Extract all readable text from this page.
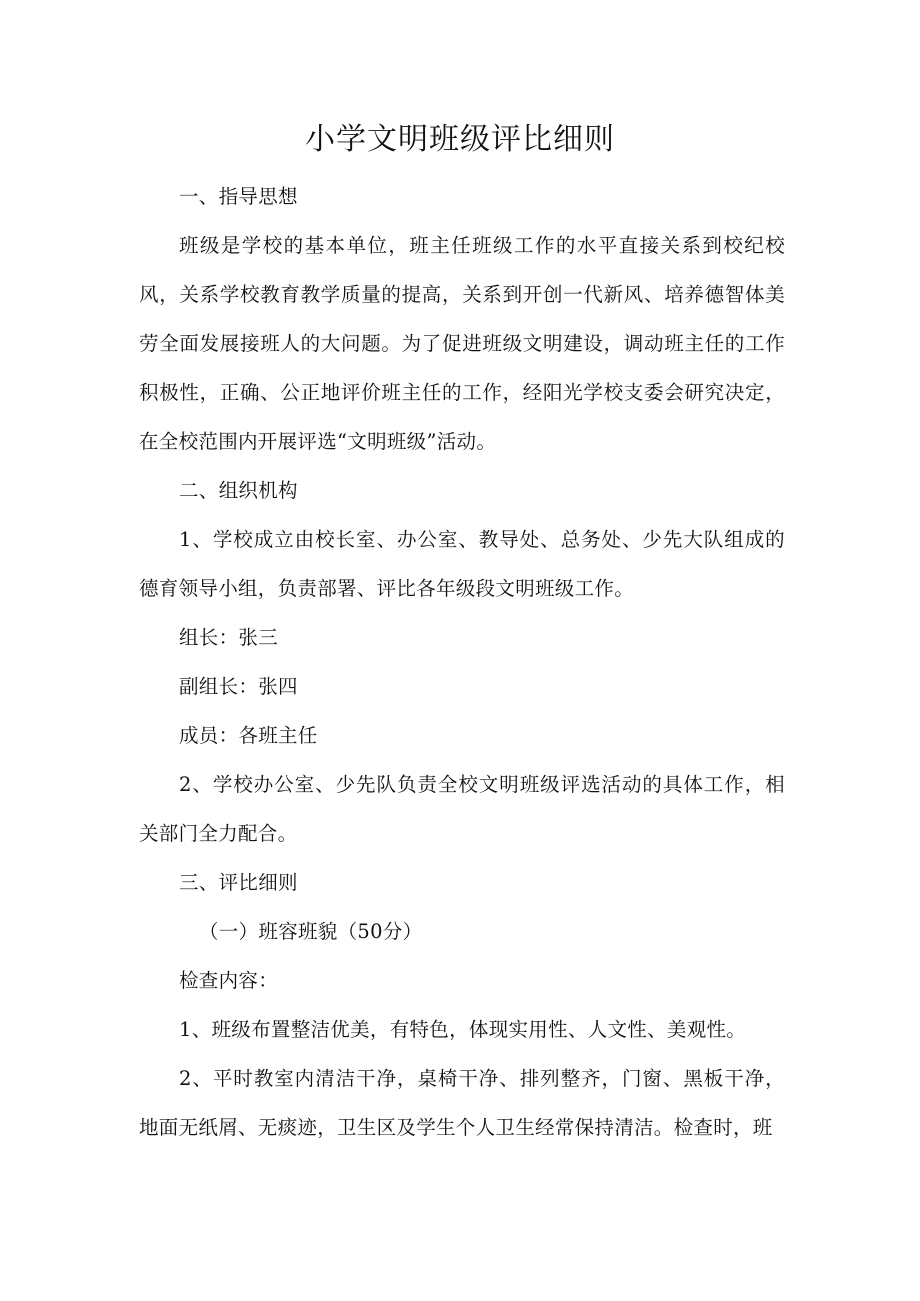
小学文明班级评比细则

一、指导思想

班级是学校的基本单位，班主任班级工作的水平直接关系到校纪校风，关系学校教育教学质量的提高，关系到开创一代新风、培养德智体美劳全面发展接班人的大问题。为了促进班级文明建设，调动班主任的工作积极性，正确、公正地评价班主任的工作，经阳光学校支委会研究决定，在全校范围内开展评选“文明班级”活动。

二、组织机构

1、学校成立由校长室、办公室、教导处、总务处、少先大队组成的德育领导小组，负责部署、评比各年级段文明班级工作。

组长：张三

副组长：张四

成员：各班主任

2、学校办公室、少先队负责全校文明班级评选活动的具体工作，相关部门全力配合。

三、评比细则

（一）班容班貌（50分）

检查内容：

1、班级布置整洁优美，有特色，体现实用性、人文性、美观性。

2、平时教室内清洁干净，桌椅干净、排列整齐，门窗、黑板干净，地面无纸屑、无痰迹，卫生区及学生个人卫生经常保持清洁。检查时，班
